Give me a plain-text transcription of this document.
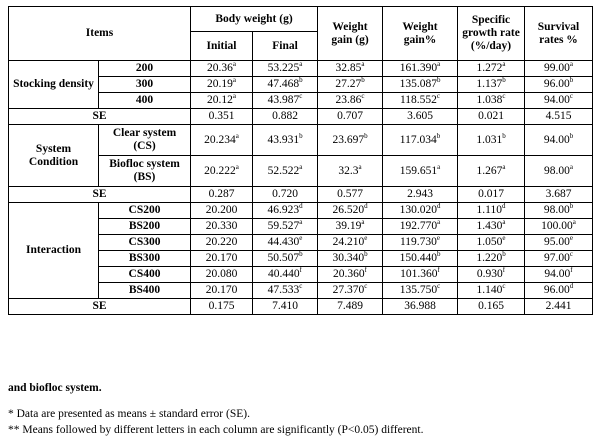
Items		Body weight (g)		Weight gain (g)	Weight gain%	Specific growth rate (%/day)	Survival rates %
		Initial	Final				
Stocking density	200	20.36$^a$	53.225$^a$	32.85$^a$	161.390$^a$	1.272$^a$	99.00$^a$
	300	20.19$^a$	47.468$^b$	27.27$^b$	135.087$^b$	1.137$^b$	96.00$^b$
	400	20.12$^a$	43.987$^c$	23.86$^c$	118.552$^c$	1.038$^c$	94.00$^c$
SE		0.351	0.882	0.707	3.605	0.021	4.515
System Condition	Clear system (CS)	20.234$^a$	43.931$^b$	23.697$^b$	117.034$^b$	1.031$^b$	94.00$^b$
	Biofloc system (BS)	20.222$^a$	52.522$^a$	32.3$^a$	159.651$^a$	1.267$^a$	98.00$^a$
SE		0.287	0.720	0.577	2.943	0.017	3.687
Interaction	CS200	20.200	46.923$^d$	26.520$^d$	130.020$^d$	1.110$^d$	98.00$^b$
	BS200	20.330	59.527$^a$	39.19$^a$	192.770$^a$	1.430$^a$	100.00$^a$
	CS300	20.220	44.430e	24.210e	119.730e	1.050e	95.00e
	BS300	20.170	50.507$^b$	30.340$^b$	150.440$^b$	1.220$^b$	97.00$^c$
	CS400	20.080	40.440$^f$	20.360$^f$	101.360$^f$	0.930$^f$	94.00$^f$
	BS400	20.170	47.533$^c$	27.370$^c$	135.750$^c$	1.140$^c$	96.00$^d$
SE		0.175	7.410	7.489	36.988	0.165	2.441
and biofloc system.
* Data are presented as means ± standard error (SE).
** Means followed by different letters in each column are significantly (P<0.05) different.
